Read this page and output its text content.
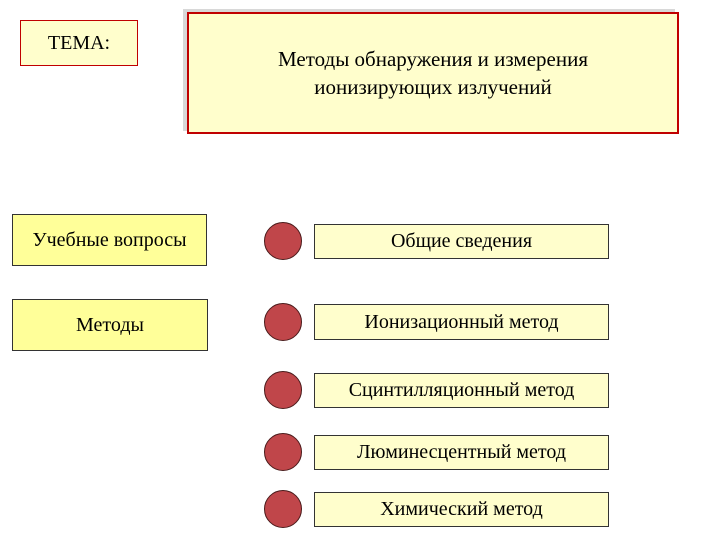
ТЕМА:
Методы обнаружения и измерения
ионизирующих излучений
Учебные вопросы
Методы
Общие сведения
Ионизационный метод
Сцинтилляционный метод
Люминесцентный метод
Химический метод
